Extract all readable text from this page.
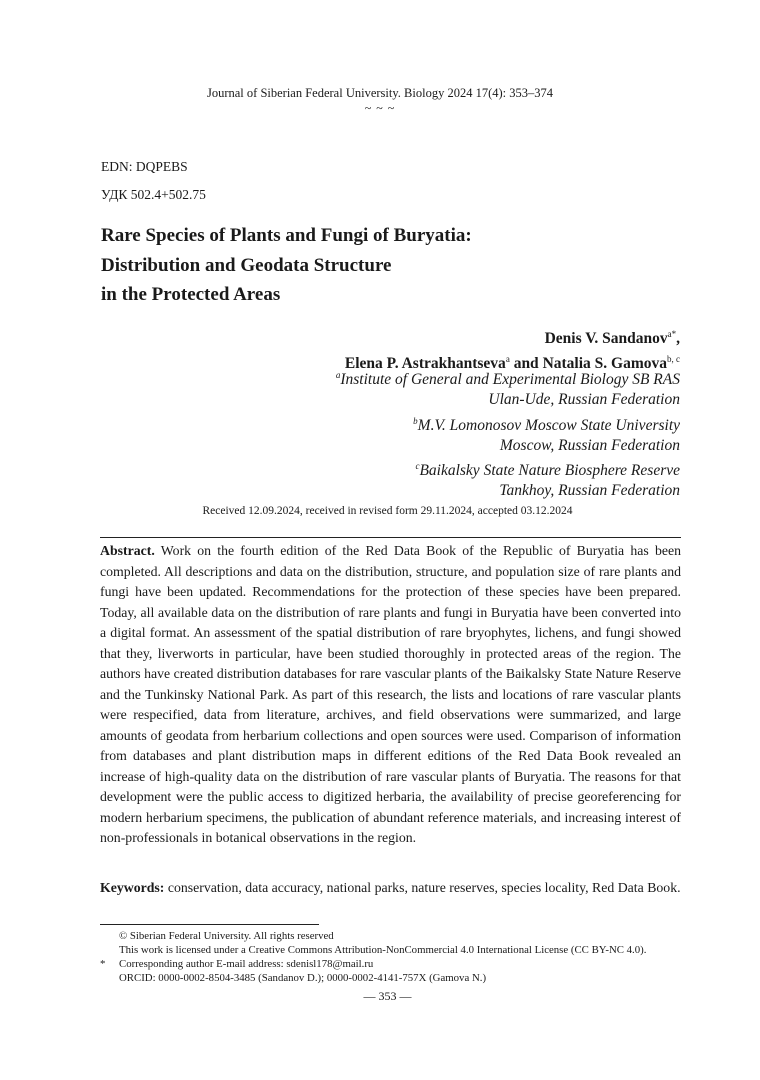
Journal of Siberian Federal University. Biology 2024 17(4): 353–374
~ ~ ~
EDN: DQPEBS
УДК 502.4+502.75
Rare Species of Plants and Fungi of Buryatia:
Distribution and Geodata Structure
in the Protected Areas
Denis V. Sandanov$^{a*}$,
Elena P. Astrakhantseva$^a$ and Natalia S. Gamova$^{b, c}$
$^a$Institute of General and Experimental Biology SB RAS
Ulan-Ude, Russian Federation
$^b$M.V. Lomonosov Moscow State University
Moscow, Russian Federation
$^c$Baikalsky State Nature Biosphere Reserve
Tankhoy, Russian Federation
Received 12.09.2024, received in revised form 29.11.2024, accepted 03.12.2024
Abstract. Work on the fourth edition of the Red Data Book of the Republic of Buryatia has been completed. All descriptions and data on the distribution, structure, and population size of rare plants and fungi have been updated. Recommendations for the protection of these species have been prepared. Today, all available data on the distribution of rare plants and fungi in Buryatia have been converted into a digital format. An assessment of the spatial distribution of rare bryophytes, lichens, and fungi showed that they, liverworts in particular, have been studied thoroughly in protected areas of the region. The authors have created distribution databases for rare vascular plants of the Baikalsky State Nature Reserve and the Tunkinsky National Park. As part of this research, the lists and locations of rare vascular plants were respecified, data from literature, archives, and field observations were summarized, and large amounts of geodata from herbarium collections and open sources were used. Comparison of information from databases and plant distribution maps in different editions of the Red Data Book revealed an increase of high-quality data on the distribution of rare vascular plants of Buryatia. The reasons for that development were the public access to digitized herbaria, the availability of precise georeferencing for modern herbarium specimens, the publication of abundant reference materials, and increasing interest of non-professionals in botanical observations in the region.
Keywords: conservation, data accuracy, national parks, nature reserves, species locality, Red Data Book.
© Siberian Federal University. All rights reserved
This work is licensed under a Creative Commons Attribution-NonCommercial 4.0 International License (CC BY-NC 4.0).
* Corresponding author E-mail address: sdenisl178@mail.ru
ORCID: 0000-0002-8504-3485 (Sandanov D.); 0000-0002-4141-757X (Gamova N.)
— 353 —
